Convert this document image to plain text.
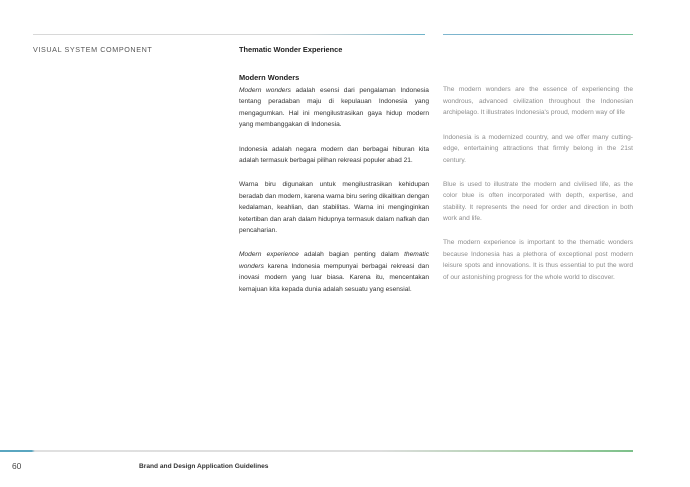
VISUAL SYSTEM COMPONENT	Thematic Wonder Experience
Modern Wonders

Modern wonders adalah esensi dari pengalaman Indonesia tentang peradaban maju di kepulauan Indonesia yang mengagumkan. Hal ini mengilustrasikan gaya hidup modern yang membanggakan di Indonesia.

Indonesia adalah negara modern dan berbagai hiburan kita adalah termasuk berbagai pilihan rekreasi populer abad 21.

Warna biru digunakan untuk mengilustrasikan kehidupan beradab dan modern, karena warna biru sering dikaitkan dengan kedalaman, keahlian, dan stabilitas. Warna ini menginginkan ketertiban dan arah dalam hidupnya termasuk dalam nafkah dan pencaharian.

Modern experience adalah bagian penting dalam thematic wonders karena Indonesia mempunyai berbagai rekreasi dan inovasi modern yang luar biasa. Karena itu, mencentakan kemajuan kita kepada dunia adalah sesuatu yang esensial.

The modern wonders are the essence of experiencing the wondrous, advanced civilization throughout the Indonesian archipelago. It illustrates Indonesia's proud, modern way of life

Indonesia is a modernized country, and we offer many cutting-edge, entertaining attractions that firmly belong in the 21st century.

Blue is used to illustrate the modern and civilised life, as the color blue is often incorporated with depth, expertise, and stability. It represents the need for order and direction in both work and life.

The modern experience is important to the thematic wonders because Indonesia has a plethora of exceptional post modern leisure spots and innovations. It is thus essential to put the word of our astonishing progress for the whole world to discover.

60	Brand and Design Application Guidelines
